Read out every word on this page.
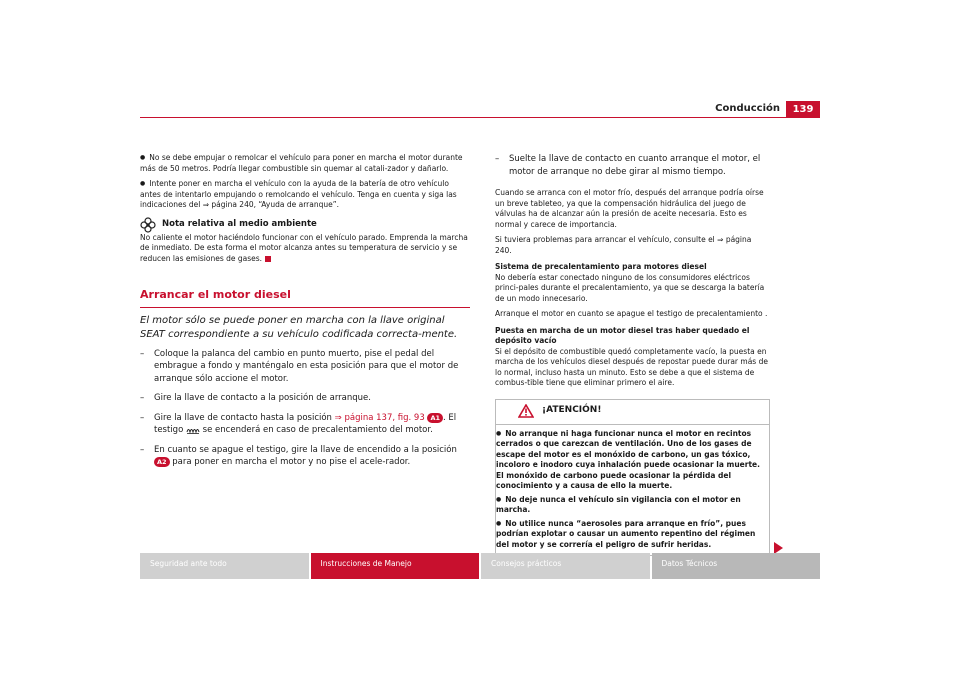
Conducción	139

● No se debe empujar o remolcar el vehículo para poner en marcha el motor durante más de 50 metros. Podría llegar combustible sin quemar al catali-zador y dañarlo.

● Intente poner en marcha el vehículo con la ayuda de la batería de otro vehículo antes de intentarlo empujando o remolcando el vehículo. Tenga en cuenta y siga las indicaciones del ⇒ página 240, “Ayuda de arranque”.

Nota relativa al medio ambiente

No caliente el motor haciéndolo funcionar con el vehículo parado. Emprenda la marcha de inmediato. De esta forma el motor alcanza antes su temperatura de servicio y se reducen las emisiones de gases.

Arrancar el motor diesel
El motor sólo se puede poner en marcha con la llave original SEAT correspondiente a su vehículo codificada correcta-mente.
– Coloque la palanca del cambio en punto muerto, pise el pedal del embrague a fondo y manténgalo en esta posición para que el motor de arranque sólo accione el motor.
– Gire la llave de contacto a la posición de arranque.
– Gire la llave de contacto hasta la posición ⇒ página 137, fig. 93 A1 . El testigo  se encenderá en caso de precalentamiento del motor.
– En cuanto se apague el testigo, gire la llave de encendido a la posición A2 para poner en marcha el motor y no pise el acele-rador.
– Suelte la llave de contacto en cuanto arranque el motor, el motor de arranque no debe girar al mismo tiempo.

Cuando se arranca con el motor frío, después del arranque podría oírse un breve tableteo, ya que la compensación hidráulica del juego de válvulas ha de alcanzar aún la presión de aceite necesaria. Esto es normal y carece de importancia.

Si tuviera problemas para arrancar el vehículo, consulte el ⇒ página 240.

Sistema de precalentamiento para motores diesel

No debería estar conectado ninguno de los consumidores eléctricos princi-pales durante el precalentamiento, ya que se descarga la batería de un modo innecesario.

Arranque el motor en cuanto se apague el testigo de precalentamiento .

Puesta en marcha de un motor diesel tras haber quedado el depósito vacío

Si el depósito de combustible quedó completamente vacío, la puesta en marcha de los vehículos diesel después de repostar puede durar más de lo normal, incluso hasta un minuto. Esto se debe a que el sistema de combus-tible tiene que eliminar primero el aire.

¡ATENCIÓN!

● No arranque ni haga funcionar nunca el motor en recintos cerrados o que carezcan de ventilación. Uno de los gases de escape del motor es el monóxido de carbono, un gas tóxico, incoloro e inodoro cuya inhalación puede ocasionar la muerte. El monóxido de carbono puede ocasionar la pérdida del conocimiento y a causa de ello la muerte.

● No deje nunca el vehículo sin vigilancia con el motor en marcha.

● No utilice nunca “aerosoles para arranque en frío”, pues podrían explotar o causar un aumento repentino del régimen del motor y se correría el peligro de sufrir heridas.

Seguridad ante todo	Instrucciones de Manejo	Consejos prácticos	Datos Técnicos
